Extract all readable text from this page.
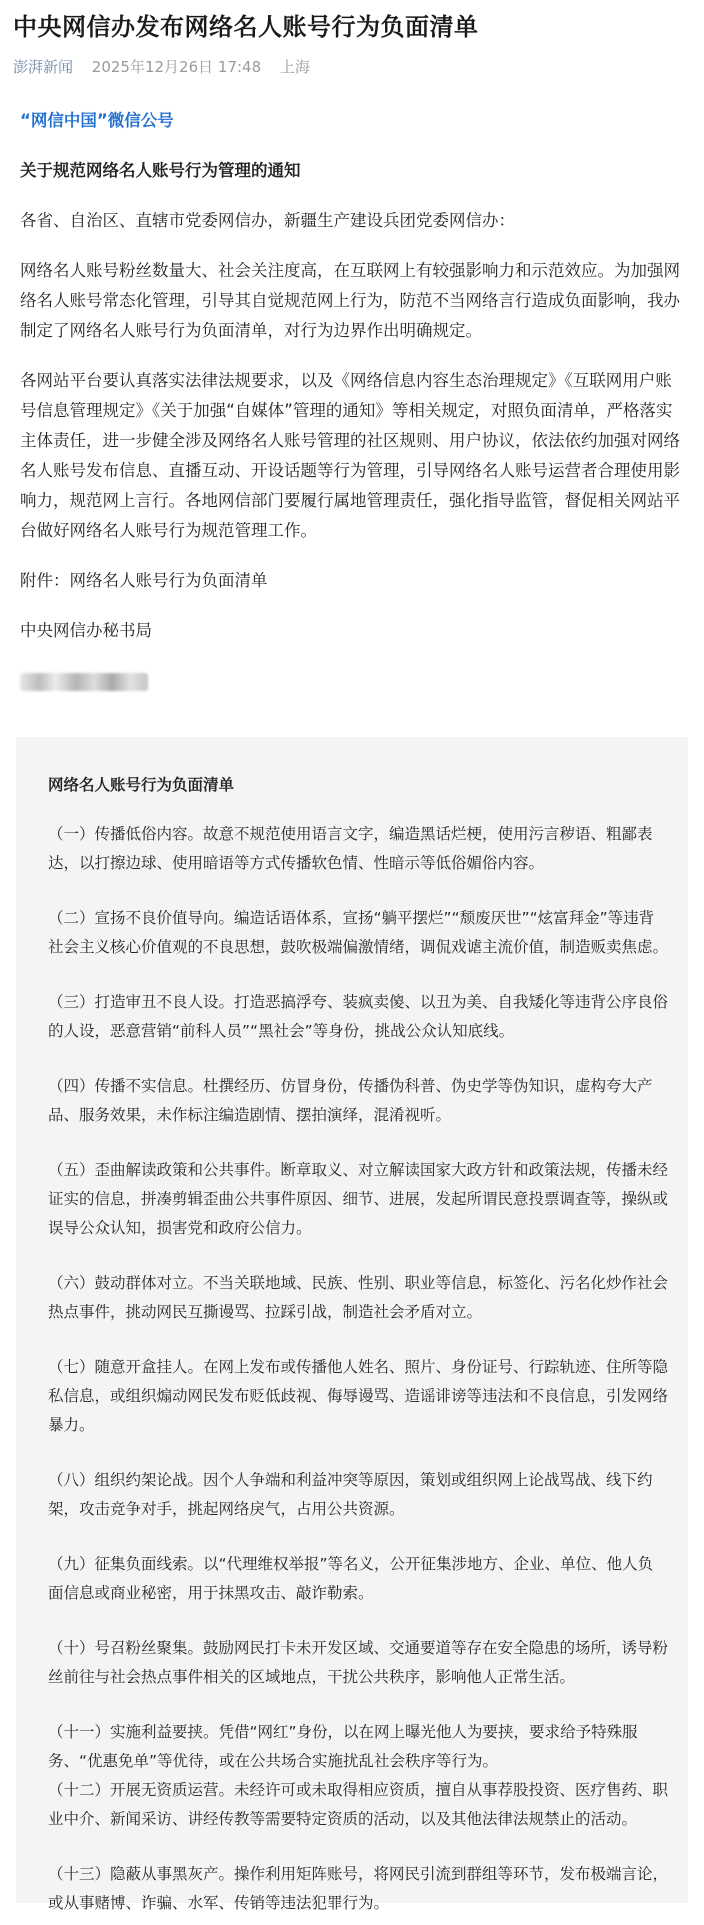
中央网信办发布网络名人账号行为负面清单
澎湃新闻 2025年12月26日 17:48 上海

“网信中国”微信公号

关于规范网络名人账号行为管理的通知

各省、自治区、直辖市党委网信办，新疆生产建设兵团党委网信办：

网络名人账号粉丝数量大、社会关注度高，在互联网上有较强影响力和示范效应。为加强网络名人账号常态化管理，引导其自觉规范网上行为，防范不当网络言行造成负面影响，我办制定了网络名人账号行为负面清单，对行为边界作出明确规定。

各网站平台要认真落实法律法规要求，以及《网络信息内容生态治理规定》《互联网用户账号信息管理规定》《关于加强“自媒体”管理的通知》等相关规定，对照负面清单，严格落实主体责任，进一步健全涉及网络名人账号管理的社区规则、用户协议，依法依约加强对网络名人账号发布信息、直播互动、开设话题等行为管理，引导网络名人账号运营者合理使用影响力，规范网上言行。各地网信部门要履行属地管理责任，强化指导监管，督促相关网站平台做好网络名人账号行为规范管理工作。

附件：网络名人账号行为负面清单

中央网信办秘书局

网络名人账号行为负面清单

（一）传播低俗内容。故意不规范使用语言文字，编造黑话烂梗，使用污言秽语、粗鄙表达，以打擦边球、使用暗语等方式传播软色情、性暗示等低俗媚俗内容。

（二）宣扬不良价值导向。编造话语体系，宣扬“躺平摆烂”“颓废厌世”“炫富拜金”等违背社会主义核心价值观的不良思想，鼓吹极端偏激情绪，调侃戏谑主流价值，制造贩卖焦虑。

（三）打造审丑不良人设。打造恶搞浮夸、装疯卖傻、以丑为美、自我矮化等违背公序良俗的人设，恶意营销“前科人员”“黑社会”等身份，挑战公众认知底线。

（四）传播不实信息。杜撰经历、仿冒身份，传播伪科普、伪史学等伪知识，虚构夸大产品、服务效果，未作标注编造剧情、摆拍演绎，混淆视听。

（五）歪曲解读政策和公共事件。断章取义、对立解读国家大政方针和政策法规，传播未经证实的信息，拼凑剪辑歪曲公共事件原因、细节、进展，发起所谓民意投票调查等，操纵或误导公众认知，损害党和政府公信力。

（六）鼓动群体对立。不当关联地域、民族、性别、职业等信息，标签化、污名化炒作社会热点事件，挑动网民互撕谩骂、拉踩引战，制造社会矛盾对立。

（七）随意开盒挂人。在网上发布或传播他人姓名、照片、身份证号、行踪轨迹、住所等隐私信息，或组织煽动网民发布贬低歧视、侮辱谩骂、造谣诽谤等违法和不良信息，引发网络暴力。

（八）组织约架论战。因个人争端和利益冲突等原因，策划或组织网上论战骂战、线下约架，攻击竞争对手，挑起网络戾气，占用公共资源。

（九）征集负面线索。以“代理维权举报”等名义，公开征集涉地方、企业、单位、他人负面信息或商业秘密，用于抹黑攻击、敲诈勒索。

（十）号召粉丝聚集。鼓励网民打卡未开发区域、交通要道等存在安全隐患的场所，诱导粉丝前往与社会热点事件相关的区域地点，干扰公共秩序，影响他人正常生活。

（十一）实施利益要挟。凭借“网红”身份，以在网上曝光他人为要挟，要求给予特殊服务、“优惠免单”等优待，或在公共场合实施扰乱社会秩序等行为。

（十二）开展无资质运营。未经许可或未取得相应资质，擅自从事荐股投资、医疗售药、职业中介、新闻采访、讲经传教等需要特定资质的活动，以及其他法律法规禁止的活动。

（十三）隐蔽从事黑灰产。操作利用矩阵账号，将网民引流到群组等环节，发布极端言论，或从事赌博、诈骗、水军、传销等违法犯罪行为。
